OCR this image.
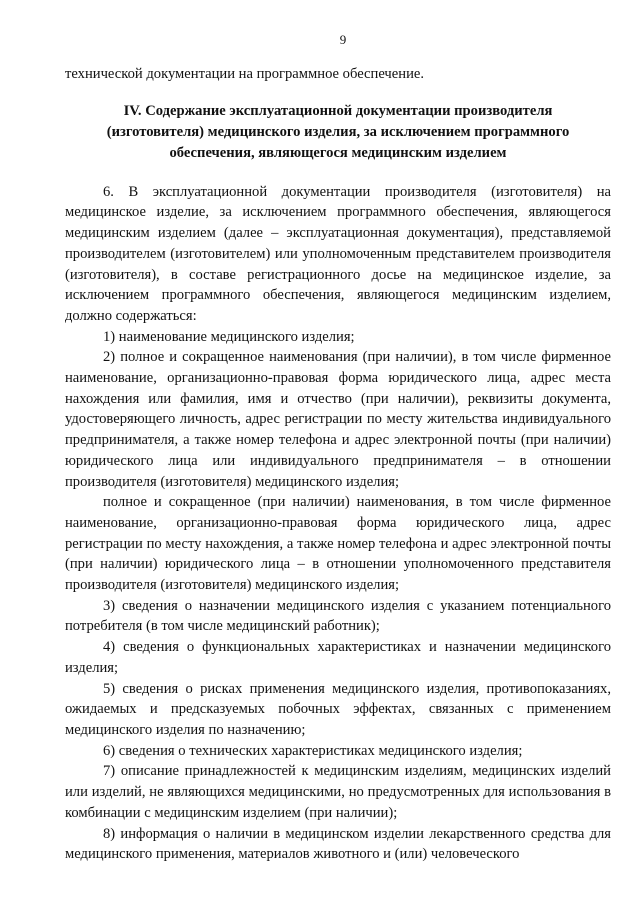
9

технической документации на программное обеспечение.

IV. Содержание эксплуатационной документации производителя (изготовителя) медицинского изделия, за исключением программного обеспечения, являющегося медицинским изделием

6. В эксплуатационной документации производителя (изготовителя) на медицинское изделие, за исключением программного обеспечения, являющегося медицинским изделием (далее – эксплуатационная документация), представляемой производителем (изготовителем) или уполномоченным представителем производителя (изготовителя), в составе регистрационного досье на медицинское изделие, за исключением программного обеспечения, являющегося медицинским изделием, должно содержаться:

1) наименование медицинского изделия;

2) полное и сокращенное наименования (при наличии), в том числе фирменное наименование, организационно-правовая форма юридического лица, адрес места нахождения или фамилия, имя и отчество (при наличии), реквизиты документа, удостоверяющего личность, адрес регистрации по месту жительства индивидуального предпринимателя, а также номер телефона и адрес электронной почты (при наличии) юридического лица или индивидуального предпринимателя – в отношении производителя (изготовителя) медицинского изделия;

полное и сокращенное (при наличии) наименования, в том числе фирменное наименование, организационно-правовая форма юридического лица, адрес регистрации по месту нахождения, а также номер телефона и адрес электронной почты (при наличии) юридического лица – в отношении уполномоченного представителя производителя (изготовителя) медицинского изделия;

3) сведения о назначении медицинского изделия с указанием потенциального потребителя (в том числе медицинский работник);

4) сведения о функциональных характеристиках и назначении медицинского изделия;

5) сведения о рисках применения медицинского изделия, противопоказаниях, ожидаемых и предсказуемых побочных эффектах, связанных с применением медицинского изделия по назначению;

6) сведения о технических характеристиках медицинского изделия;

7) описание принадлежностей к медицинским изделиям, медицинских изделий или изделий, не являющихся медицинскими, но предусмотренных для использования в комбинации с медицинским изделием (при наличии);

8) информация о наличии в медицинском изделии лекарственного средства для медицинского применения, материалов животного и (или) человеческого
